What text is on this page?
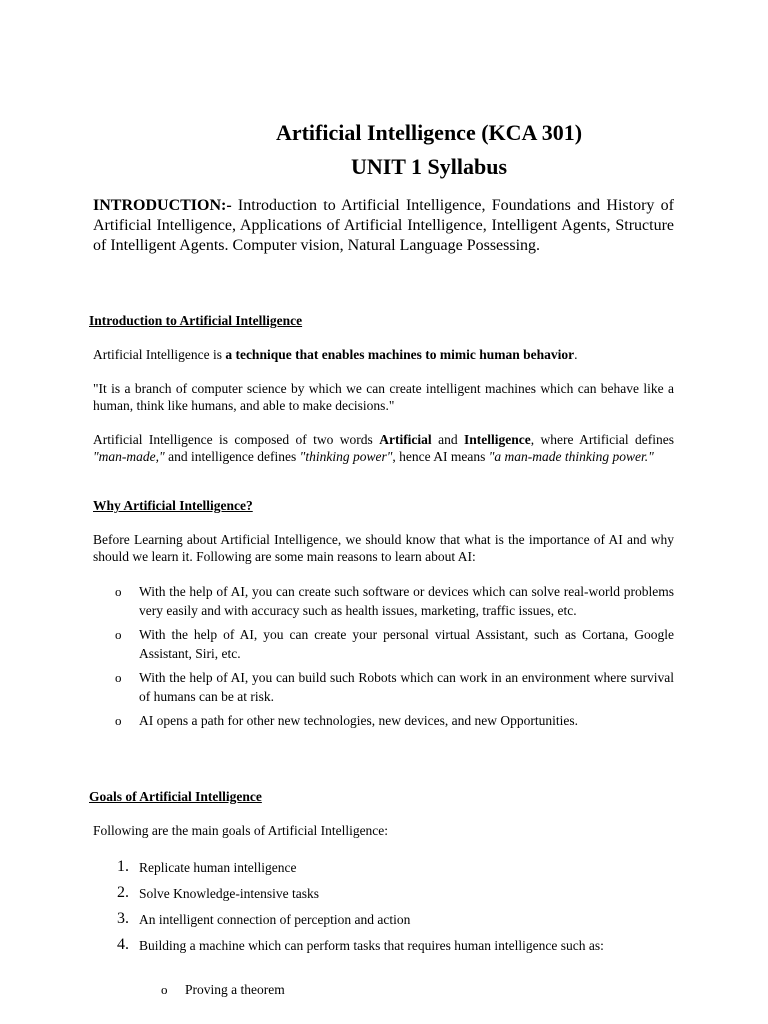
Artificial Intelligence (KCA 301)
UNIT 1 Syllabus
INTRODUCTION:- Introduction to Artificial Intelligence, Foundations and History of Artificial Intelligence, Applications of Artificial Intelligence, Intelligent Agents, Structure of Intelligent Agents. Computer vision, Natural Language Possessing.
Introduction to Artificial Intelligence
Artificial Intelligence is a technique that enables machines to mimic human behavior.
"It is a branch of computer science by which we can create intelligent machines which can behave like a human, think like humans, and able to make decisions."
Artificial Intelligence is composed of two words Artificial and Intelligence, where Artificial defines "man-made," and intelligence defines "thinking power", hence AI means "a man-made thinking power."
Why Artificial Intelligence?
Before Learning about Artificial Intelligence, we should know that what is the importance of AI and why should we learn it. Following are some main reasons to learn about AI:
o With the help of AI, you can create such software or devices which can solve real-world problems very easily and with accuracy such as health issues, marketing, traffic issues, etc.
o With the help of AI, you can create your personal virtual Assistant, such as Cortana, Google Assistant, Siri, etc.
o With the help of AI, you can build such Robots which can work in an environment where survival of humans can be at risk.
o AI opens a path for other new technologies, new devices, and new Opportunities.
Goals of Artificial Intelligence
Following are the main goals of Artificial Intelligence:
1. Replicate human intelligence
2. Solve Knowledge-intensive tasks
3. An intelligent connection of perception and action
4. Building a machine which can perform tasks that requires human intelligence such as:
o Proving a theorem
